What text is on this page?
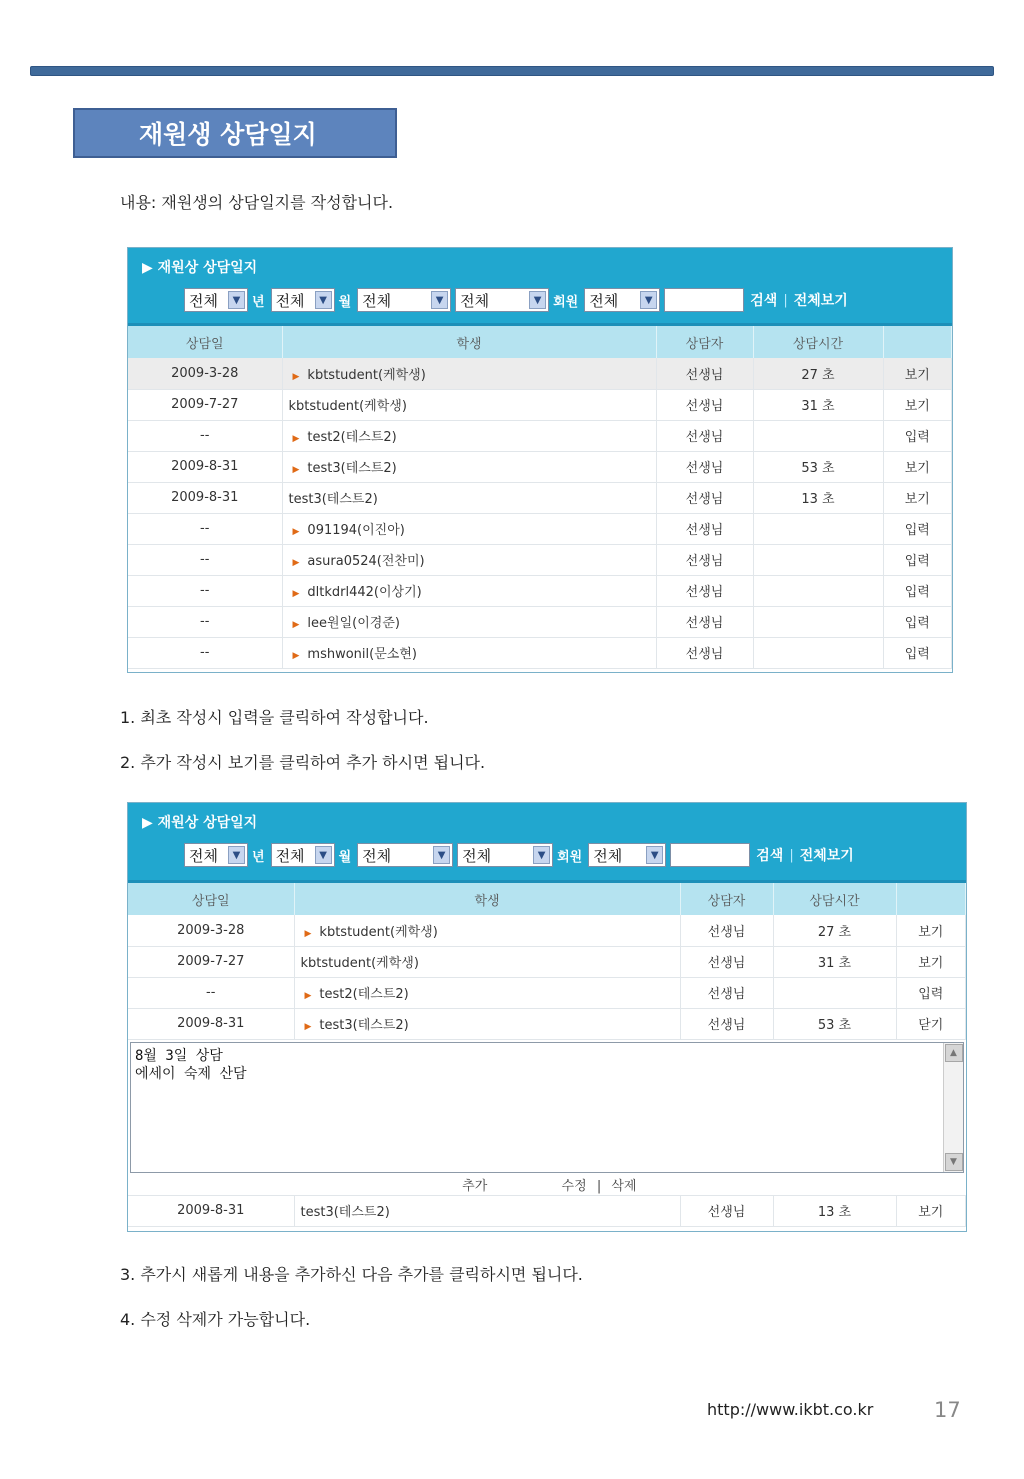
재원생 상담일지
내용: 재원생의 상담일지를 작성합니다.
▶ 재원상 상담일지
전체	▼ 년 전체	▼ 월 전체	▼	전체	▼ 회원 전체	▼	검색 | 전체보기
상담일	학생	상담자	상담시간	
2009-3-28	▶ kbtstudent(케학생)	선생님	27 초	보기
2009-7-27	kbtstudent(케학생)	선생님	31 초	보기
--	▶ test2(테스트2)	선생님		입력
2009-8-31	▶ test3(테스트2)	선생님	53 초	보기
2009-8-31	test3(테스트2)	선생님	13 초	보기
--	▶ 091194(이진아)	선생님		입력
--	▶ asura0524(전찬미)	선생님		입력
--	▶ dltkdrl442(이상기)	선생님		입력
--	▶ lee원일(이경준)	선생님		입력
--	▶ mshwonil(문소현)	선생님		입력
1. 최초 작성시 입력을 클릭하여 작성합니다.
2. 추가 작성시 보기를 클릭하여 추가 하시면 됩니다.
▶ 재원상 상담일지
전체	▼ 년 전체	▼ 월 전체	▼	전체	▼ 회원 전체	▼	검색 | 전체보기
상담일	학생	상담자	상담시간	
2009-3-28	▶ kbtstudent(케학생)	선생님	27 초	보기
2009-7-27	kbtstudent(케학생)	선생님	31 초	보기
--	▶ test2(테스트2)	선생님		입력
2009-8-31	▶ test3(테스트2)	선생님	53 초	닫기

8월 3일 상담
에세이 숙제 산담
▲
▼
추가 수정 | 삭제				

2009-8-31	test3(테스트2)	선생님	13 초	보기
3. 추가시 새롭게 내용을 추가하신 다음 추가를 클릭하시면 됩니다.
4. 수정 삭제가 가능합니다.
http://www.ikbt.co.kr	17
